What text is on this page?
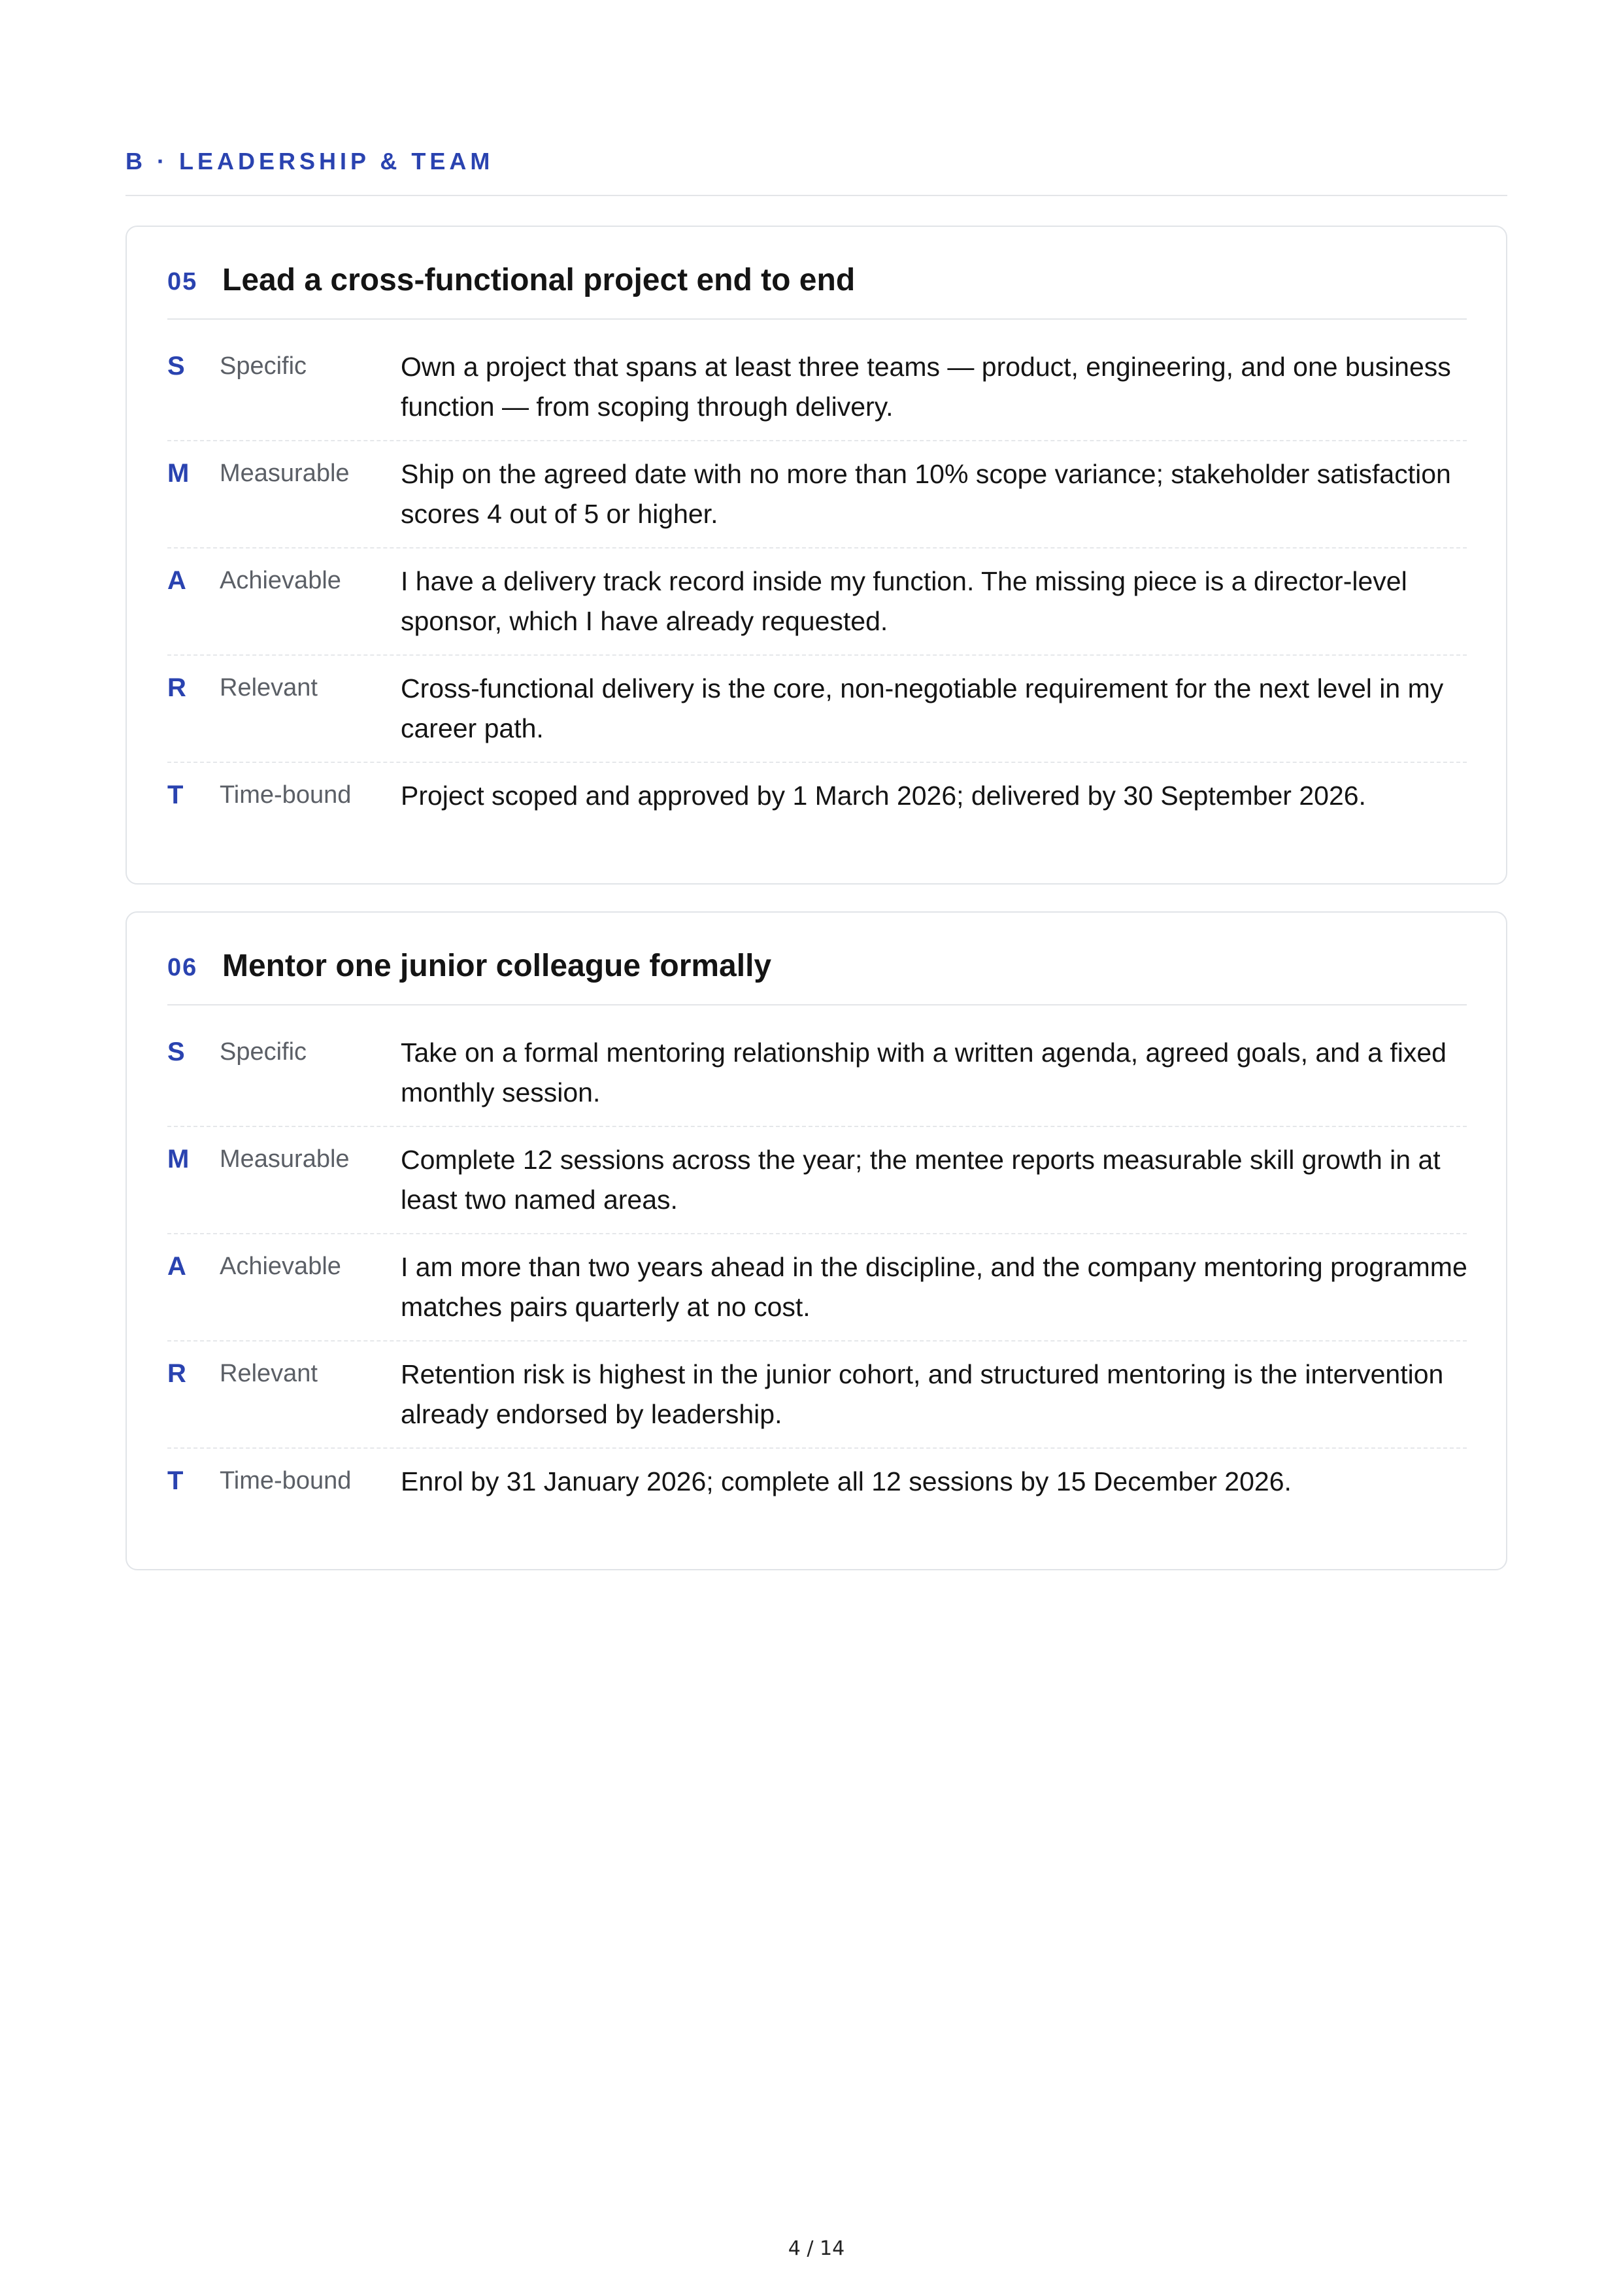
B · LEADERSHIP & TEAM
05 Lead a cross-functional project end to end
S Specific	Own a project that spans at least three teams — product, engineering, and one business function — from scoping through delivery.
M Measurable Ship on the agreed date with no more than 10% scope variance; stakeholder satisfaction scores 4 out of 5 or higher.
A Achievable I have a delivery track record inside my function. The missing piece is a director-level sponsor, which I have already requested.
R Relevant	Cross-functional delivery is the core, non-negotiable requirement for the next level in my career path.
T Time-bound Project scoped and approved by 1 March 2026; delivered by 30 September 2026.
06 Mentor one junior colleague formally
S Specific	Take on a formal mentoring relationship with a written agenda, agreed goals, and a fixed monthly session.
M Measurable Complete 12 sessions across the year; the mentee reports measurable skill growth in at least two named areas.
A Achievable I am more than two years ahead in the discipline, and the company mentoring programme matches pairs quarterly at no cost.
R Relevant	Retention risk is highest in the junior cohort, and structured mentoring is the intervention already endorsed by leadership.
T Time-bound Enrol by 31 January 2026; complete all 12 sessions by 15 December 2026.
4 / 14
